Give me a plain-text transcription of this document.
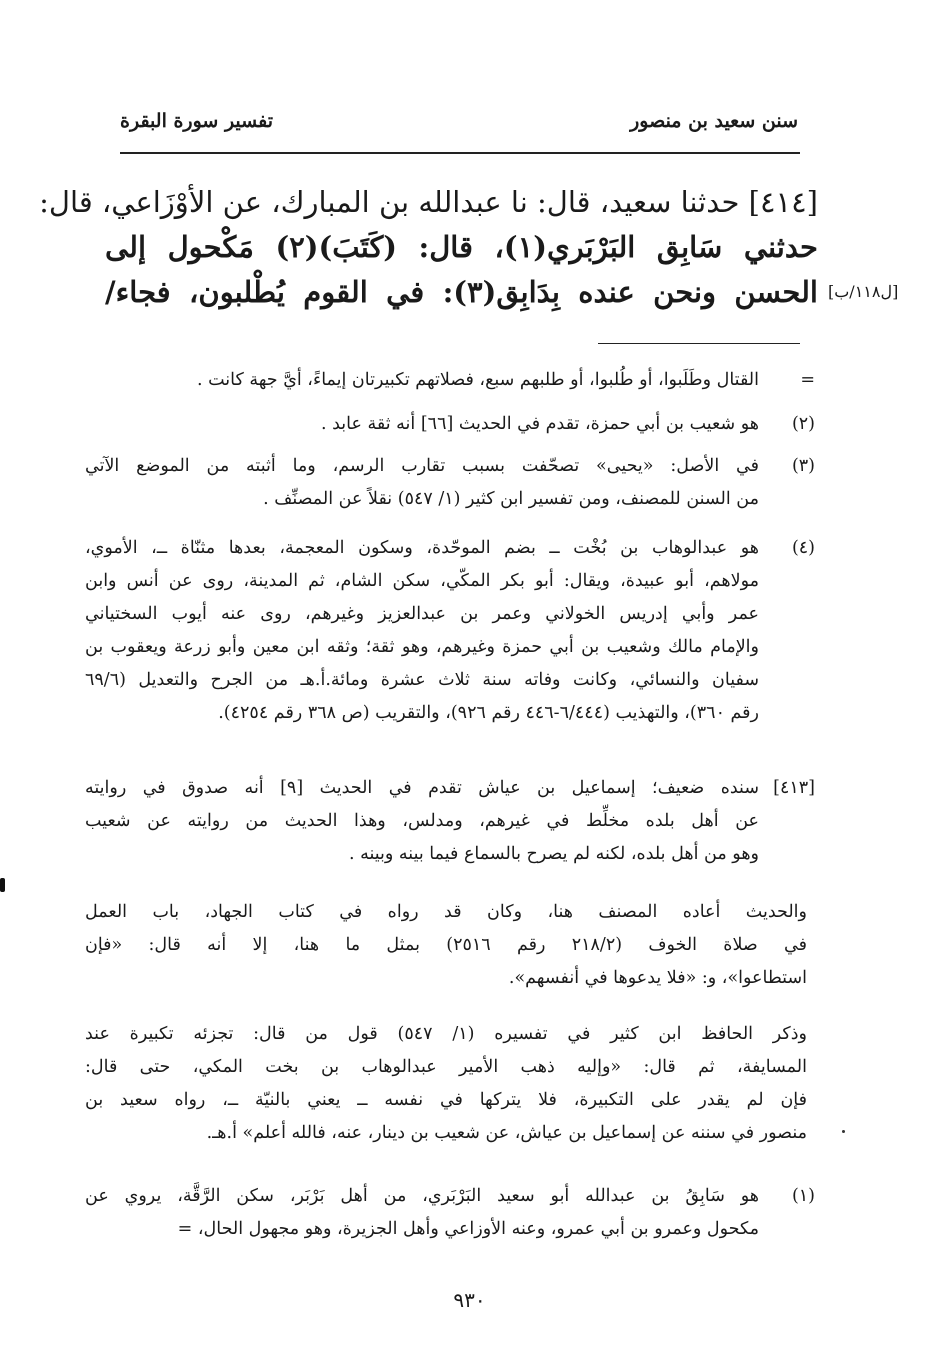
سنن سعيد بن منصور
تفسير سورة البقرة
[٤١٤] حدثنا سعيد، قال: نا عبدالله بن المبارك، عن الأوْزَاعي، قال:
حدثني سَابِق البَرْبَري(١)، قال: (كَتَبَ)(٢) مَكْحول إلى
الحسن ونحن عنده بِدَابِق(٣): في القوم يُطْلبون، فجاء/ [ل١١٨/ب]
=
القتال وطَلَبوا، أو طُلبوا، أو طلبهم سبع، فصلاتهم تكبيرتان إيماءً، أيَّ جهة كانت .
(٢)
هو شعيب بن أبي حمزة، تقدم في الحديث [٦٦] أنه ثقة عابد .
(٣)
في الأصل: «يحيى» تصحّفت بسبب تقارب الرسم، وما أثبته من الموضع الآتي
من السنن للمصنف، ومن تفسير ابن كثير (١/ ٥٤٧) نقلاً عن المصنِّف .
(٤)
هو عبدالوهاب بن بُخْت ــ بضم الموحّدة، وسكون المعجمة، بعدها مثنّاة ــ، الأموي،
مولاهم، أبو عبيدة، ويقال: أبو بكر المكّي، سكن الشام، ثم المدينة، روى عن أنس وابن
عمر وأبي إدريس الخولاني وعمر بن عبدالعزيز وغيرهم، روى عنه أيوب السختياني
والإمام مالك وشعيب بن أبي حمزة وغيرهم، وهو ثقة؛ وثقه ابن معين وأبو زرعة ويعقوب بن
سفيان والنسائي، وكانت وفاته سنة ثلاث عشرة ومائة.أ.هـ من الجرح والتعديل (٦٩/٦
رقم ٣٦٠)، والتهذيب (٦/٤٤٤-٤٤٦ رقم ٩٢٦)، والتقريب (ص ٣٦٨ رقم ٤٢٥٤).
[٤١٣]
سنده ضعيف؛ إسماعيل بن عياش تقدم في الحديث [٩] أنه صدوق في روايته
عن أهل بلده مخلِّط في غيرهم، ومدلس، وهذا الحديث من روايته عن شعيب
وهو من أهل بلده، لكنه لم يصرح بالسماع فيما بينه وبينه .
والحديث أعاده المصنف هنا، وكان قد رواه في كتاب الجهاد، باب العمل
في صلاة الخوف (٢١٨/٢ رقم ٢٥١٦) بمثل ما هنا، إلا أنه قال: «فإن
استطاعوا»، و: «فلا يدعوها في أنفسهم».
وذكر الحافظ ابن كثير في تفسيره (١/ ٥٤٧) قول من قال: تجزئه تكبيرة عند
المسايفة، ثم قال: «وإليه ذهب الأمير عبدالوهاب بن بخت المكي، حتى قال:
فإن لم يقدر على التكبيرة، فلا يتركها في نفسه ــ يعني بالنيّة ــ، رواه سعيد بن
منصور في سننه عن إسماعيل بن عياش، عن شعيب بن دينار، عنه، فالله أعلم» أ.هـ.
(١)
هو سَابِقُ بن عبدالله أبو سعيد البَرْبَري، من أهل بَرْبَر، سكن الرَّقَّة، يروي عن
مكحول وعمرو بن أبي عمرو، وعنه الأوزاعي وأهل الجزيرة، وهو مجهول الحال، =
٩٣٠
